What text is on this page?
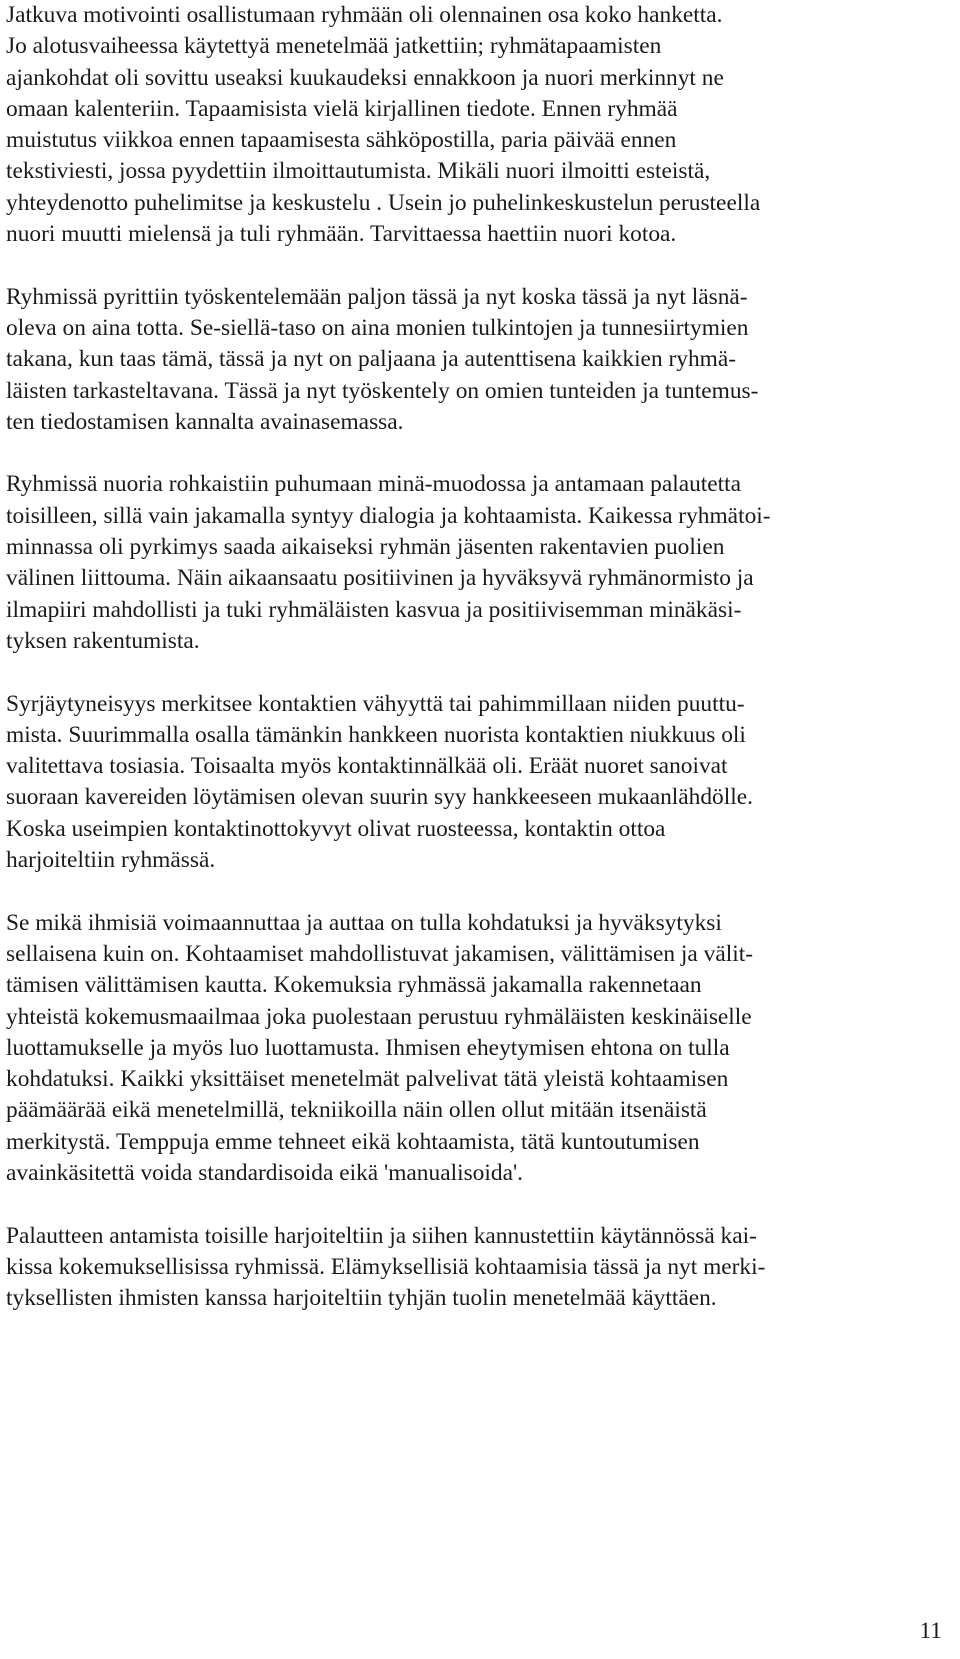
Jatkuva motivointi osallistumaan ryhmään oli olennainen osa koko hanketta.
Jo alotusvaiheessa käytettyä menetelmää jatkettiin; ryhmätapaamisten
ajankohdat oli sovittu useaksi kuukaudeksi ennakkoon ja nuori merkinnyt ne
omaan kalenteriin. Tapaamisista vielä kirjallinen tiedote. Ennen ryhmää
muistutus viikkoa ennen tapaamisesta sähköpostilla, paria päivää ennen
tekstiviesti, jossa pyydettiin ilmoittautumista. Mikäli nuori ilmoitti esteistä,
yhteydenotto puhelimitse ja keskustelu . Usein jo puhelinkeskustelun perusteella
nuori muutti mielensä ja tuli ryhmään. Tarvittaessa haettiin nuori kotoa.

Ryhmissä pyrittiin työskentelemään paljon tässä ja nyt koska tässä ja nyt läsnä-
oleva on aina totta. Se-siellä-taso on aina monien tulkintojen ja tunnesiirtymien
takana, kun taas tämä, tässä ja nyt on paljaana ja autenttisena kaikkien ryhmä-
läisten tarkasteltavana. Tässä ja nyt työskentely on omien tunteiden ja tuntemus-
ten tiedostamisen kannalta avainasemassa.

Ryhmissä nuoria rohkaistiin puhumaan minä-muodossa ja antamaan palautetta
toisilleen, sillä vain jakamalla syntyy dialogia ja kohtaamista. Kaikessa ryhmätoi-
minnassa oli pyrkimys saada aikaiseksi ryhmän jäsenten rakentavien puolien
välinen liittouma. Näin aikaansaatu positiivinen ja hyväksyvä ryhmänormisto ja
ilmapiiri mahdollisti ja tuki ryhmäläisten kasvua ja positiivisemman minäkäsi-
tyksen rakentumista.

Syrjäytyneisyys merkitsee kontaktien vähyyttä tai pahimmillaan niiden puuttu-
mista. Suurimmalla osalla tämänkin hankkeen nuorista kontaktien niukkuus oli
valitettava tosiasia. Toisaalta myös kontaktinnälkää oli. Eräät nuoret sanoivat
suoraan kavereiden löytämisen olevan suurin syy hankkeeseen mukaanlähdölle.
Koska useimpien kontaktinottokyvyt olivat ruosteessa, kontaktin ottoa
harjoiteltiin ryhmässä.

Se mikä ihmisiä voimaannuttaa ja auttaa on tulla kohdatuksi ja hyväksytyksi
sellaisena kuin on. Kohtaamiset mahdollistuvat jakamisen, välittämisen ja välit-
tämisen välittämisen kautta. Kokemuksia ryhmässä jakamalla rakennetaan
yhteistä kokemusmaailmaa joka puolestaan perustuu ryhmäläisten keskinäiselle
luottamukselle ja myös luo luottamusta. Ihmisen eheytymisen ehtona on tulla
kohdatuksi. Kaikki yksittäiset menetelmät palvelivat tätä yleistä kohtaamisen
päämäärää eikä menetelmillä, tekniikoilla näin ollen ollut mitään itsenäistä
merkitystä. Temppuja emme tehneet eikä kohtaamista, tätä kuntoutumisen
avainkäsitettä voida standardisoida eikä 'manualisoida'.

Palautteen antamista toisille harjoiteltiin ja siihen kannustettiin käytännössä kai-
kissa kokemuksellisissa ryhmissä. Elämyksellisiä kohtaamisia tässä ja nyt merki-
tyksellisten ihmisten kanssa harjoiteltiin tyhjän tuolin menetelmää käyttäen.

11
